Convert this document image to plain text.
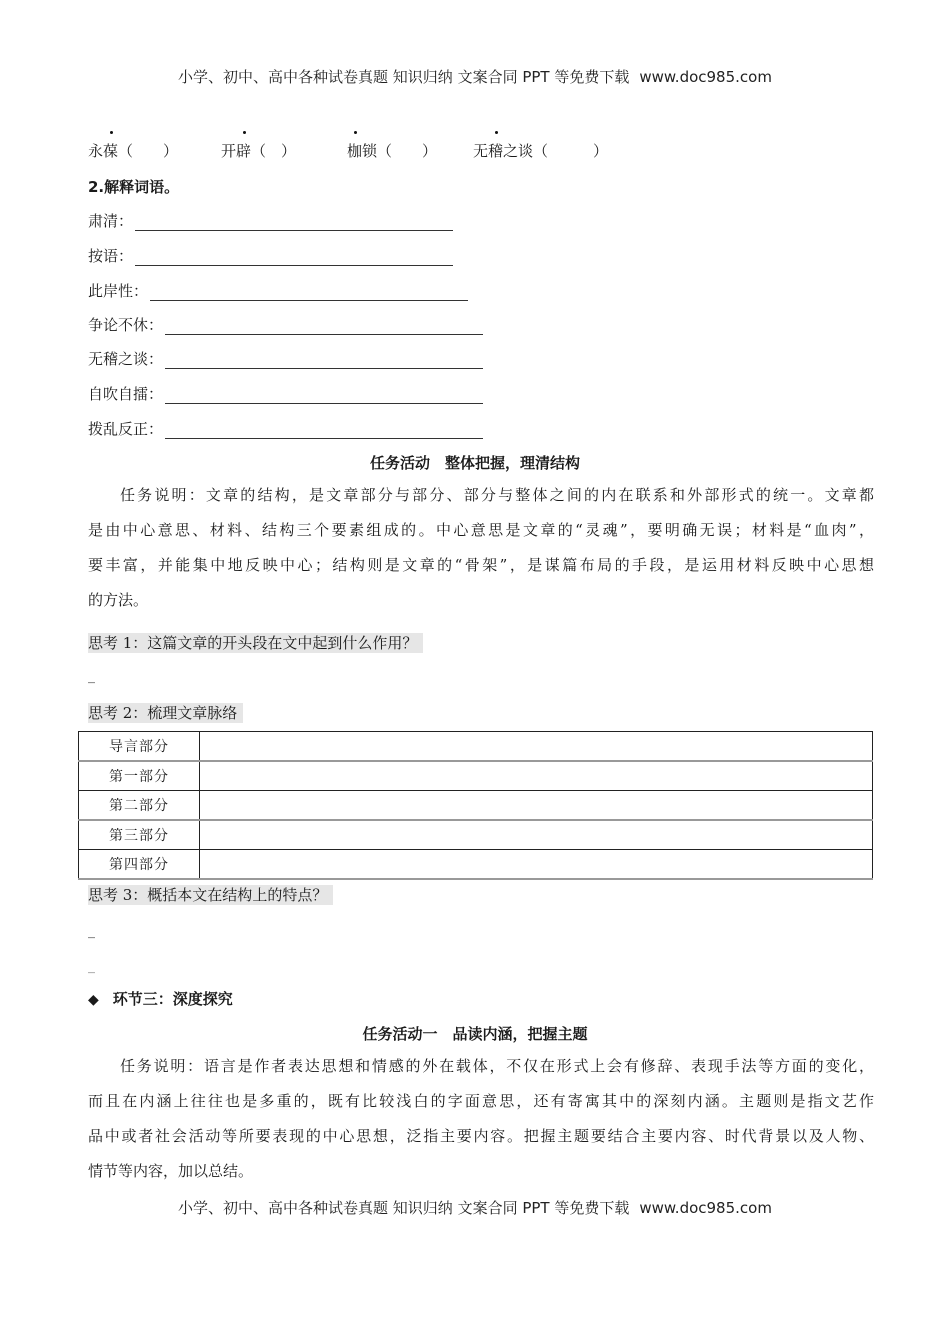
小学、初中、高中各种试卷真题 知识归纳 文案合同 PPT 等免费下载 www.doc985.com
永葆（　　）	开辟（　）	枷锁（　　） 无稽之谈（　　　）
2.解释词语。
肃清：
按语：
此岸性：
争论不休：
无稽之谈：
自吹自擂：
拨乱反正：
任务活动　整体把握，理清结构
任务说明：文章的结构，是文章部分与部分、部分与整体之间的内在联系和外部形式的统一。文章都
是由中心意思、材料、结构三个要素组成的。中心意思是文章的“灵魂”，要明确无误；材料是“血肉”，
要丰富，并能集中地反映中心；结构则是文章的“骨架”，是谋篇布局的手段，是运用材料反映中心思想
的方法。
思考 1：这篇文章的开头段在文中起到什么作用？
_
思考 2：梳理文章脉络
导言部分	
第一部分	
第二部分	
第三部分	
第四部分	
思考 3：概括本文在结构上的特点？
_
_
◆ 环节三：深度探究
任务活动一　品读内涵，把握主题
任务说明：语言是作者表达思想和情感的外在载体，不仅在形式上会有修辞、表现手法等方面的变化，
而且在内涵上往往也是多重的，既有比较浅白的字面意思，还有寄寓其中的深刻内涵。主题则是指文艺作
品中或者社会活动等所要表现的中心思想，泛指主要内容。把握主题要结合主要内容、时代背景以及人物、
情节等内容，加以总结。
小学、初中、高中各种试卷真题 知识归纳 文案合同 PPT 等免费下载 www.doc985.com
